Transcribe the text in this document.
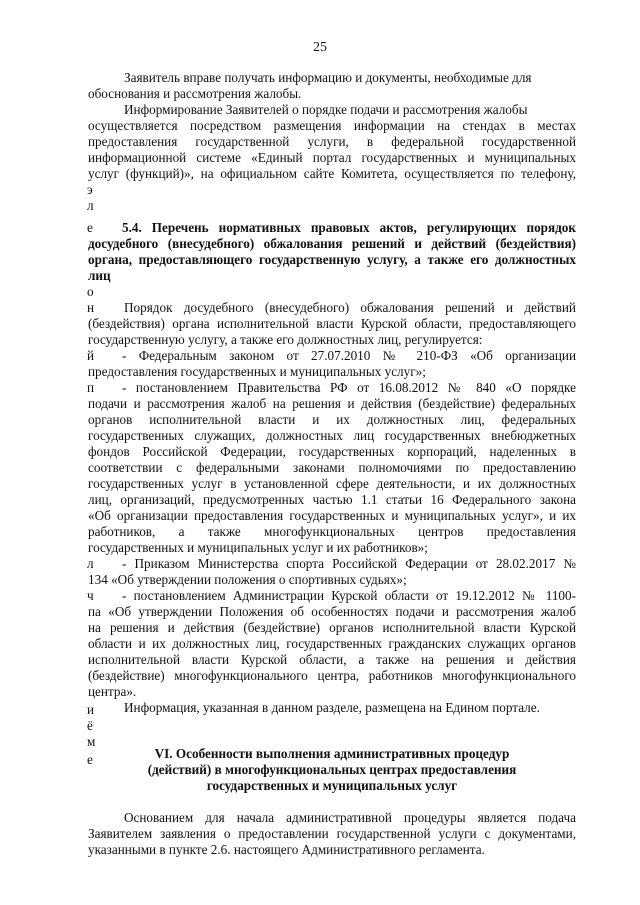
25

Заявитель вправе получать информацию и документы, необходимые для

обоснования и рассмотрения жалобы.

Информирование Заявителей о порядке подачи и рассмотрения жалобы

осуществляется посредством размещения информации на стендах в местах

предоставления государственной услуги, в федеральной государственной

информационной системе «Единый портал государственных и муниципальных

услуг (функций)», на официальном сайте Комитета, осуществляется по телефону,

э
л
е	5.4. Перечень нормативных правовых актов, регулирующих порядок

досудебного (внесудебного) обжалования решений и действий (бездействия)

органа, предоставляющего государственную услугу, а также его должностных

лиц

о
н	Порядок досудебного (внесудебного) обжалования решений и действий

(бездействия) органа исполнительной власти Курской области, предоставляющего

государственную услугу, а также его должностных лиц, регулируется:

й	- Федеральным законом от 27.07.2010 № 210-ФЗ «Об организации

предоставления государственных и муниципальных услуг»;

п	- постановлением Правительства РФ от 16.08.2012 № 840 «О порядке

подачи и рассмотрения жалоб на решения и действия (бездействие) федеральных

органов исполнительной власти и их должностных лиц, федеральных

государственных служащих, должностных лиц государственных внебюджетных

фондов Российской Федерации, государственных корпораций, наделенных в

соответствии с федеральными законами полномочиями по предоставлению

государственных услуг в установленной сфере деятельности, и их должностных

лиц, организаций, предусмотренных частью 1.1 статьи 16 Федерального закона

«Об организации предоставления государственных и муниципальных услуг», и их

работников, а также многофункциональных центров предоставления

государственных и муниципальных услуг и их работников»;

л	- Приказом Министерства спорта Российской Федерации от 28.02.2017 №

134 «Об утверждении положения о спортивных судьях»;

ч	- постановлением Администрации Курской области от 19.12.2012 № 1100-

па «Об утверждении Положения об особенностях подачи и рассмотрения жалоб

на решения и действия (бездействие) органов исполнительной власти Курской

области и их должностных лиц, государственных гражданских служащих органов

исполнительной власти Курской области, а также на решения и действия

(бездействие) многофункционального центра, работников многофункционального

центра».

и	Информация, указанная в данном разделе, размещена на Едином портале.

ё
м
е	VI. Особенности выполнения административных процедур

(действий) в многофункциональных центрах предоставления

государственных и муниципальных услуг

Основанием для начала административной процедуры является подача

Заявителем заявления о предоставлении государственной услуги с документами,

указанными в пункте 2.6. настоящего Административного регламента.
